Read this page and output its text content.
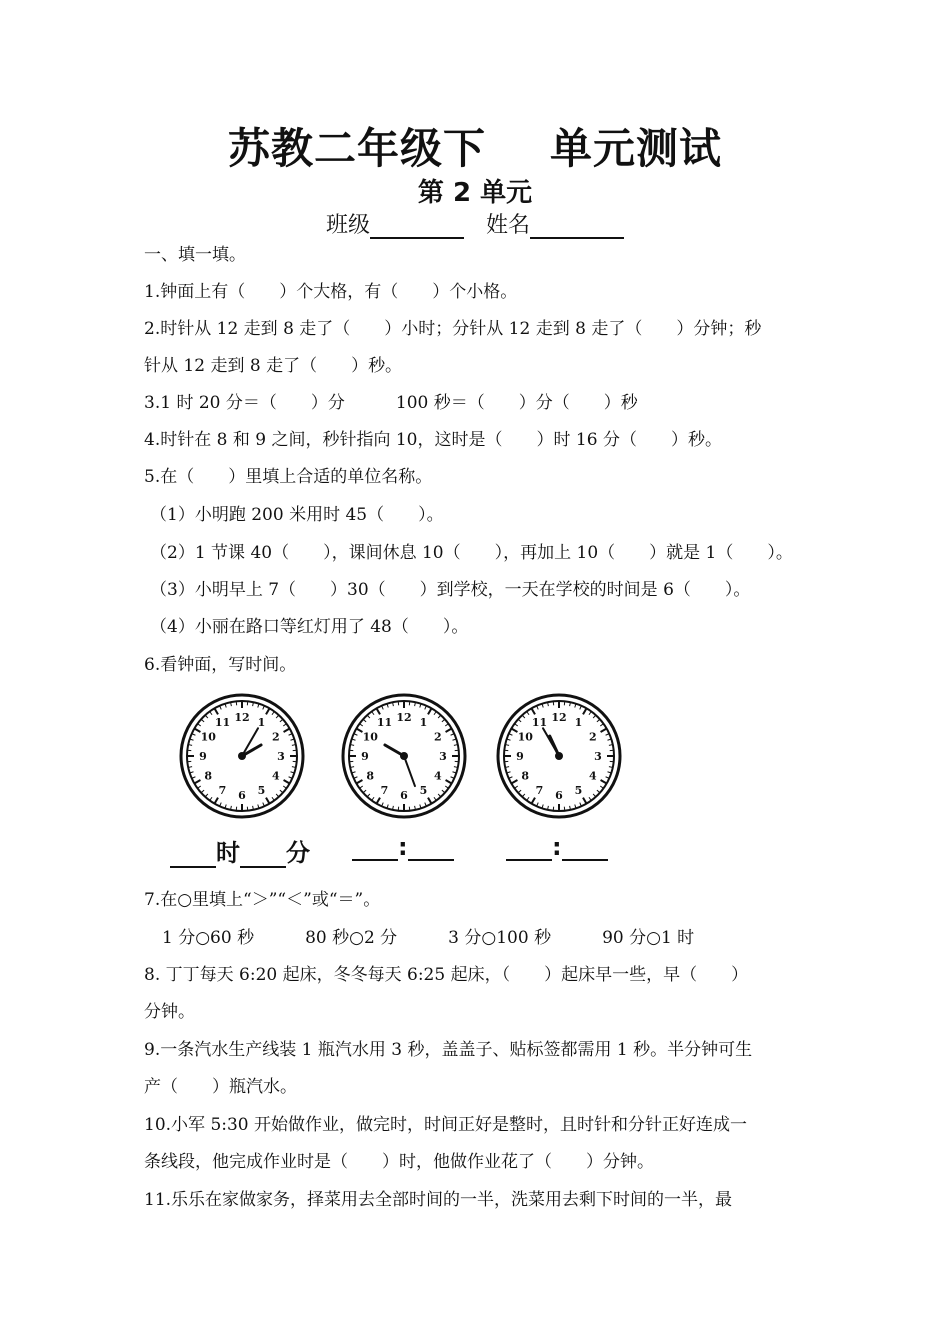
苏教二年级下 单元测试
第 2 单元
班级	姓名
一、填一填。
1.钟面上有（　　）个大格，有（　　）个小格。
2.时针从 12 走到 8 走了（　　）小时；分针从 12 走到 8 走了（　　）分钟；秒
针从 12 走到 8 走了（　　）秒。
3.1 时 20 分＝（　　）分　　　100 秒＝（　　）分（　　）秒
4.时针在 8 和 9 之间，秒针指向 10，这时是（　　）时 16 分（　　）秒。
5.在（　　）里填上合适的单位名称。
（1）小明跑 200 米用时 45（　　）。
（2）1 节课 40（　　），课间休息 10（　　），再加上 10（　　）就是 1（　　）。
（3）小明早上 7（　　）30（　　）到学校，一天在学校的时间是 6（　　）。
（4）小丽在路口等红灯用了 48（　　）。
6.看钟面，写时间。
12 1
2
3
4
5
6
7
8
9
10
11	12 1
2
3
4
5
6
7
8
9
10
11	12 1
2
3
4
5
6
7
8
9
10
11
时 分	:	:
7.在○里填上“＞”“＜”或“＝”。
1 分○60 秒　　　80 秒○2 分　　　3 分○100 秒　　　90 分○1 时
8. 丁丁每天 6:20 起床，冬冬每天 6:25 起床，（　　）起床早一些，早（　　）
分钟。
9.一条汽水生产线装 1 瓶汽水用 3 秒，盖盖子、贴标签都需用 1 秒。半分钟可生
产（　　）瓶汽水。
10.小军 5:30 开始做作业，做完时，时间正好是整时，且时针和分针正好连成一
条线段，他完成作业时是（　　）时，他做作业花了（　　）分钟。
11.乐乐在家做家务，择菜用去全部时间的一半，洗菜用去剩下时间的一半，最
